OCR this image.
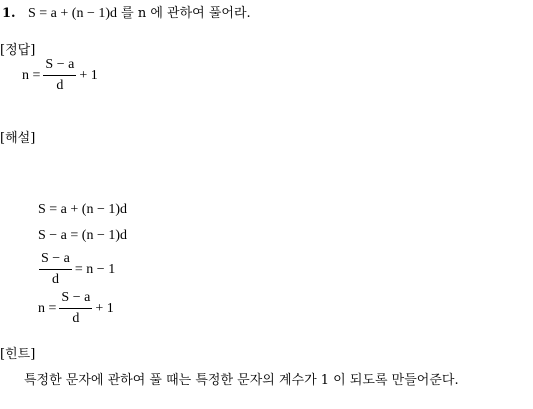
1. S = a + (n − 1)d 를 n 에 관하여 풀어라.
[정답]
$n = \frac{S - a}{d} + 1$
[해설]
S = a + (n − 1)d
S − a = (n − 1)d
$\frac{S - a}{d} = n - 1$
$n = \frac{S - a}{d} + 1$
[힌트]
특정한 문자에 관하여 풀 때는 특정한 문자의 계수가 1 이 되도록 만들어준다.
